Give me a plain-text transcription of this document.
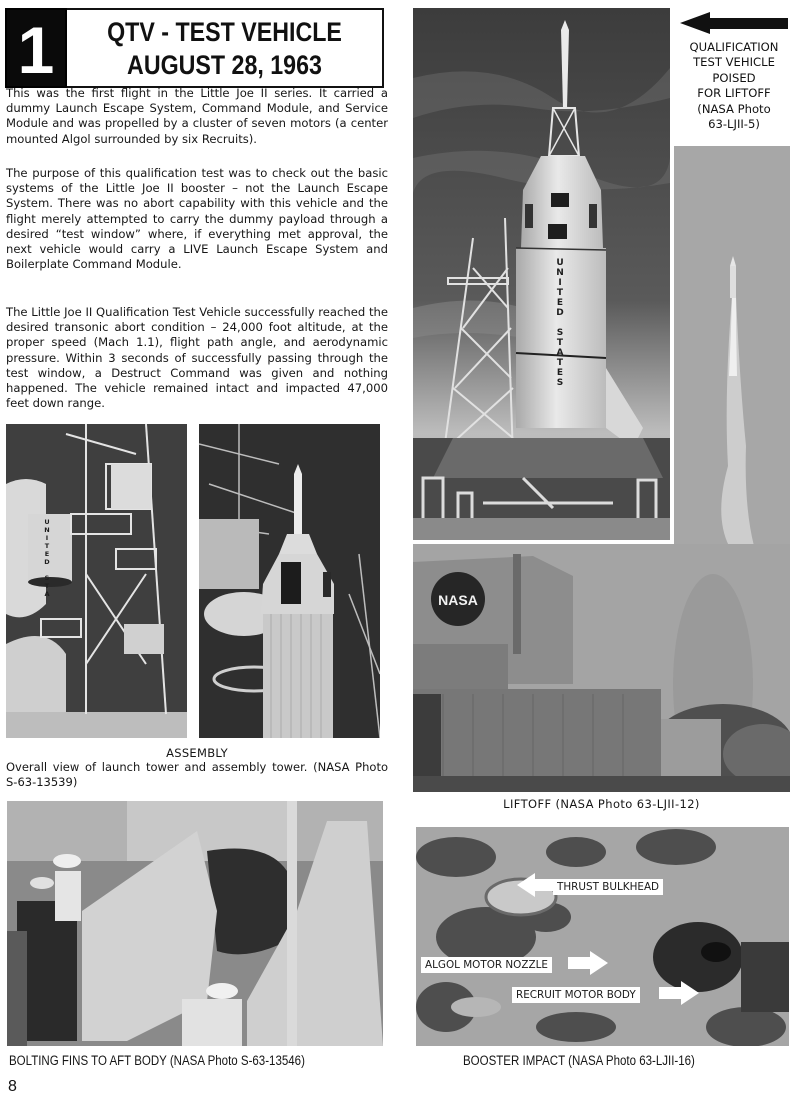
1	QTV - TEST VEHICLE
AUGUST 28, 1963

This was the first flight in the Little Joe II series. It carried a dummy Launch Escape System, Command Module, and Service Module and was propelled by a cluster of seven motors (a center mounted Algol surrounded by six Recruits).

The purpose of this qualification test was to check out the basic systems of the Little Joe II booster – not the Launch Escape System. There was no abort capability with this vehicle and the flight merely attempted to carry the dummy payload through a desired “test window” where, if everything met approval, the next vehicle would carry a LIVE Launch Escape System and Boilerplate Command Module.

The Little Joe II Qualification Test Vehicle successfully reached the desired transonic abort condition – 24,000 foot altitude, at the proper speed (Mach 1.1), flight path angle, and aerodynamic pressure. Within 3 seconds of successfully passing through the test window, a Destruct Command was given and nothing happened. The vehicle remained intact and impacted 47,000 feet down range.

UNITED STATES
QUALIFICATION
TEST VEHICLE
POISED
FOR LIFTOFF
(NASA Photo
63-LJII-5)
NASA
LIFTOFF (NASA Photo 63-LJII-12)
UNITED STA
ASSEMBLY
Overall view of launch tower and assembly tower. (NASA Photo S-63-13539)
BOLTING FINS TO AFT BODY (NASA Photo S-63-13546)
THRUST BULKHEAD
ALGOL MOTOR NOZZLE
RECRUIT MOTOR BODY
BOOSTER IMPACT (NASA Photo 63-LJII-16)
8
